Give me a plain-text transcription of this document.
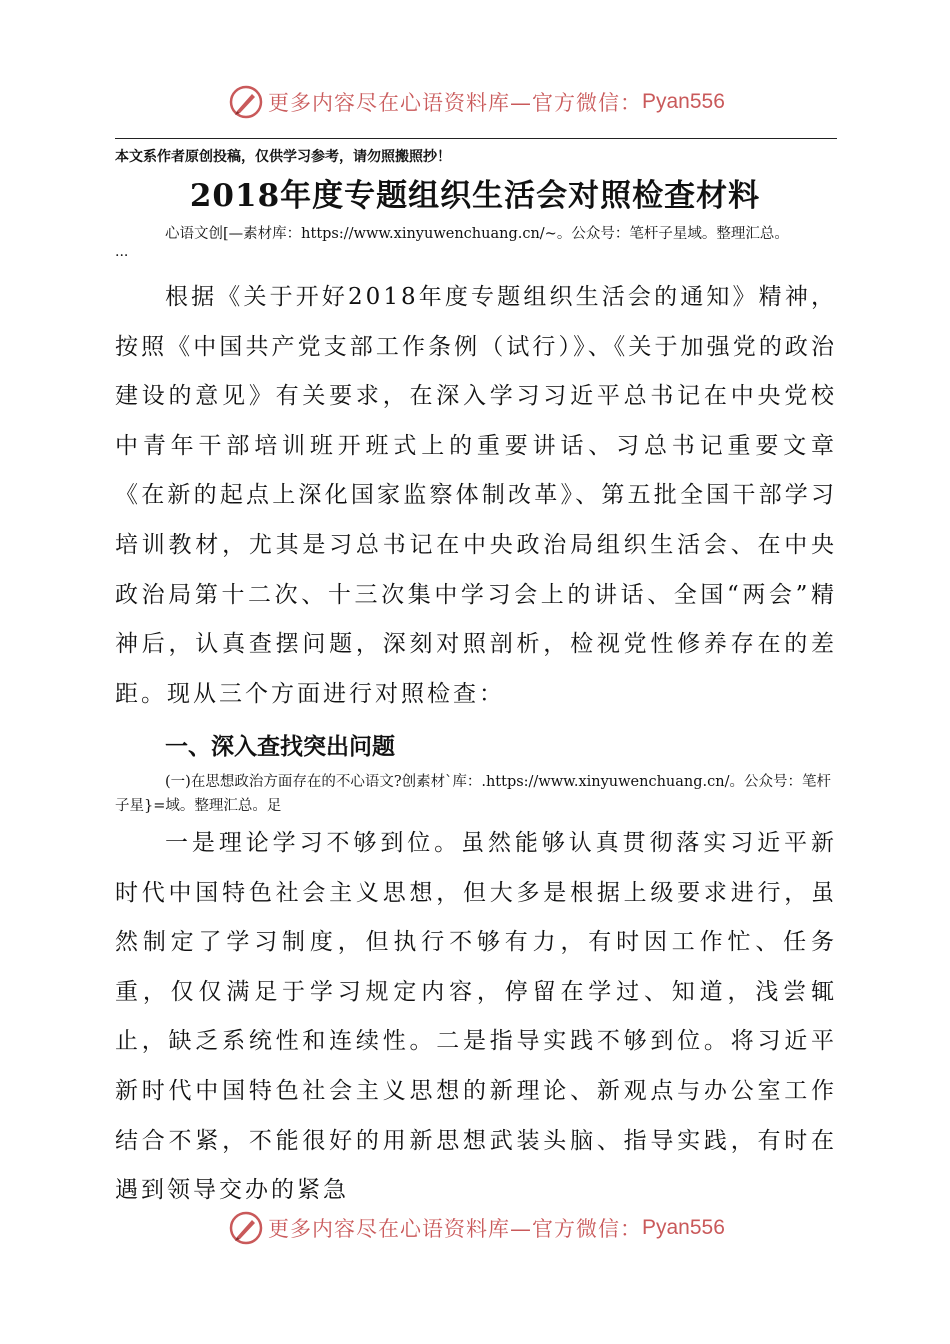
更多内容尽在心语资料库—官方微信： Pyan556
本文系作者原创投稿，仅供学习参考，请勿照搬照抄！
2018年度专题组织生活会对照检查材料
心语文创[—素材库：https://www.xinyuwenchuang.cn/~。公众号：笔杆子星域。整理汇总。
...

根据《关于开好2018年度专题组织生活会的通知》精神，按照《中国共产党支部工作条例（试行）》、《关于加强党的政治建设的意见》有关要求，在深入学习习近平总书记在中央党校中青年干部培训班开班式上的重要讲话、习总书记重要文章《在新的起点上深化国家监察体制改革》、第五批全国干部学习培训教材，尤其是习总书记在中央政治局组织生活会、在中央政治局第十二次、十三次集中学习会上的讲话、全国“两会”精神后，认真查摆问题，深刻对照剖析，检视党性修养存在的差距。现从三个方面进行对照检查：

一、深入查找突出问题

(一)在思想政治方面存在的不心语文?创素材`库：.https://www.xinyuwenchuang.cn/。公众号：笔杆子星}=域。整理汇总。足

一是理论学习不够到位。虽然能够认真贯彻落实习近平新时代中国特色社会主义思想，但大多是根据上级要求进行，虽然制定了学习制度，但执行不够有力，有时因工作忙、任务重，仅仅满足于学习规定内容，停留在学过、知道，浅尝辄止，缺乏系统性和连续性。二是指导实践不够到位。将习近平新时代中国特色社会主义思想的新理论、新观点与办公室工作结合不紧，不能很好的用新思想武装头脑、指导实践，有时在遇到领导交办的紧急

更多内容尽在心语资料库—官方微信： Pyan556
